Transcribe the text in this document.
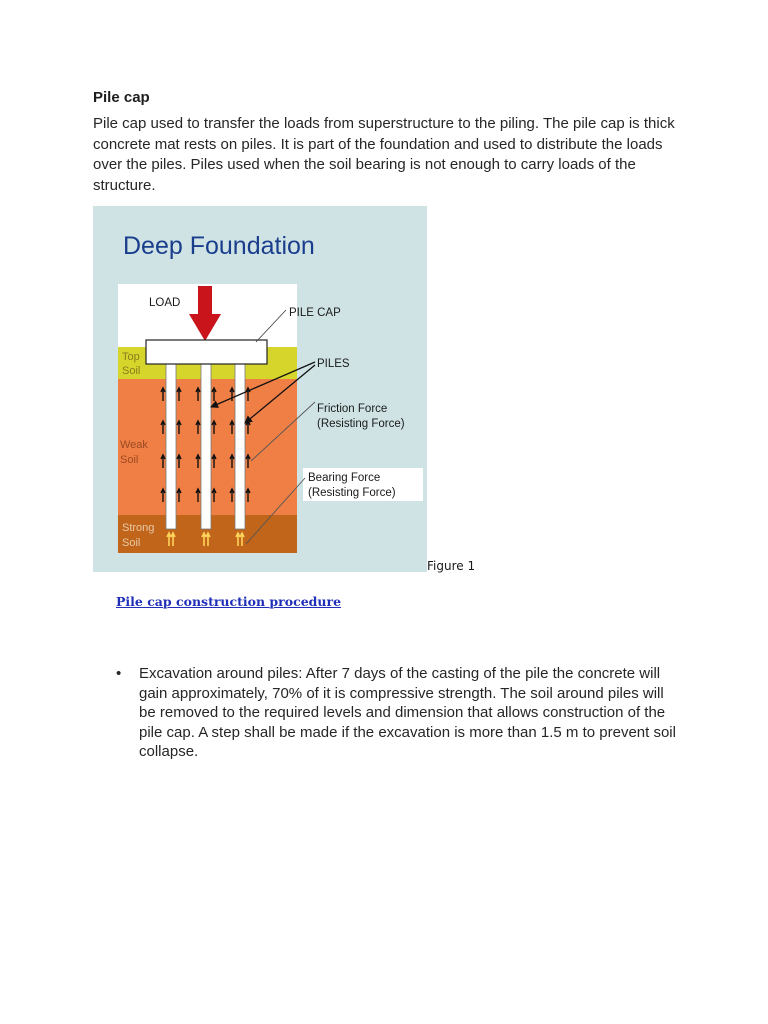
Pile cap

Pile cap used to transfer the loads from superstructure to the piling. The pile cap is thick concrete mat rests on piles. It is part of the foundation and used to distribute the loads over the piles. Piles used when the soil bearing is not enough to carry loads of the structure.

Deep Foundation
LOAD
PILE CAP
PILES
Friction Force
(Resisting Force)
Bearing Force
(Resisting Force)
Top
Soil
Weak
Soil
Strong
Soil
Figure 1
Pile cap construction procedure
• Excavation around piles: After 7 days of the casting of the pile the concrete will gain approximately, 70% of it is compressive strength. The soil around piles will be removed to the required levels and dimension that allows construction of the pile cap. A step shall be made if the excavation is more than 1.5 m to prevent soil collapse.
